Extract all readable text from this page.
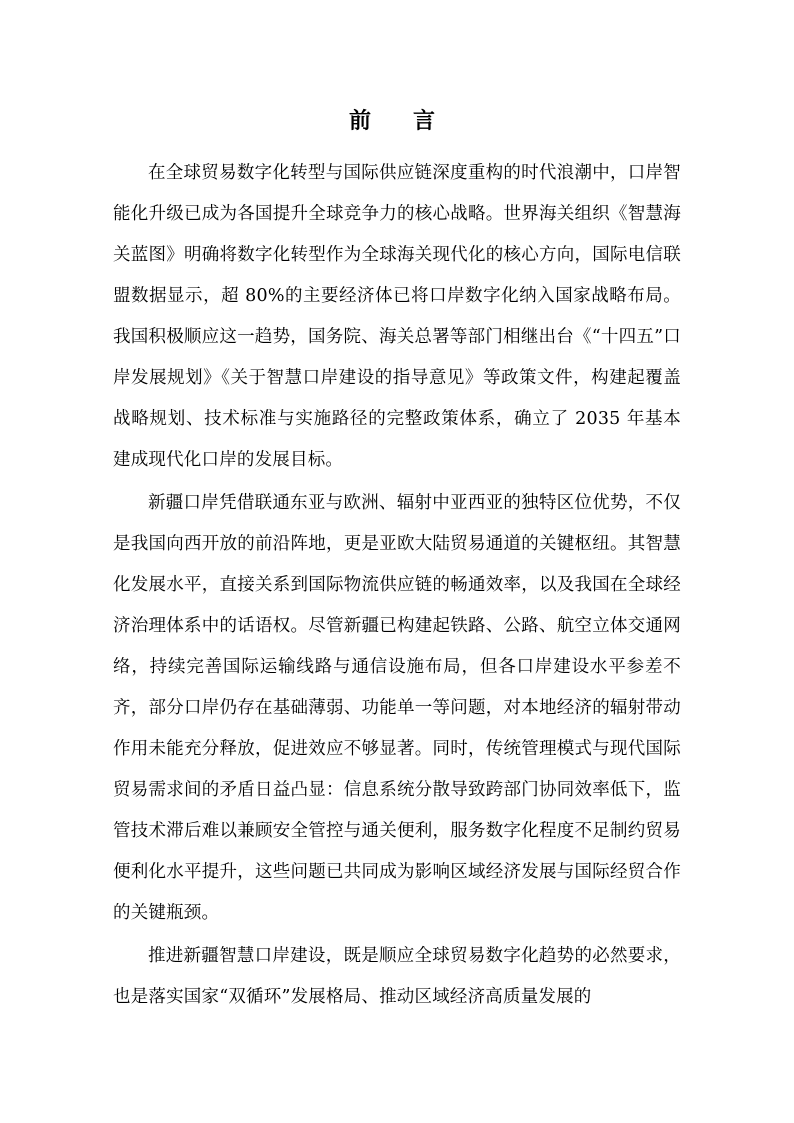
前　言

在全球贸易数字化转型与国际供应链深度重构的时代浪潮中，口岸智能化升级已成为各国提升全球竞争力的核心战略。世界海关组织《智慧海关蓝图》明确将数字化转型作为全球海关现代化的核心方向，国际电信联盟数据显示，超 80%的主要经济体已将口岸数字化纳入国家战略布局。我国积极顺应这一趋势，国务院、海关总署等部门相继出台《“十四五”口岸发展规划》《关于智慧口岸建设的指导意见》等政策文件，构建起覆盖战略规划、技术标准与实施路径的完整政策体系，确立了 2035 年基本建成现代化口岸的发展目标。

新疆口岸凭借联通东亚与欧洲、辐射中亚西亚的独特区位优势，不仅是我国向西开放的前沿阵地，更是亚欧大陆贸易通道的关键枢纽。其智慧化发展水平，直接关系到国际物流供应链的畅通效率，以及我国在全球经济治理体系中的话语权。尽管新疆已构建起铁路、公路、航空立体交通网络，持续完善国际运输线路与通信设施布局，但各口岸建设水平参差不齐，部分口岸仍存在基础薄弱、功能单一等问题，对本地经济的辐射带动作用未能充分释放，促进效应不够显著。同时，传统管理模式与现代国际贸易需求间的矛盾日益凸显：信息系统分散导致跨部门协同效率低下，监管技术滞后难以兼顾安全管控与通关便利，服务数字化程度不足制约贸易便利化水平提升，这些问题已共同成为影响区域经济发展与国际经贸合作的关键瓶颈。

推进新疆智慧口岸建设，既是顺应全球贸易数字化趋势的必然要求，也是落实国家“双循环”发展格局、推动区域经济高质量发展的
